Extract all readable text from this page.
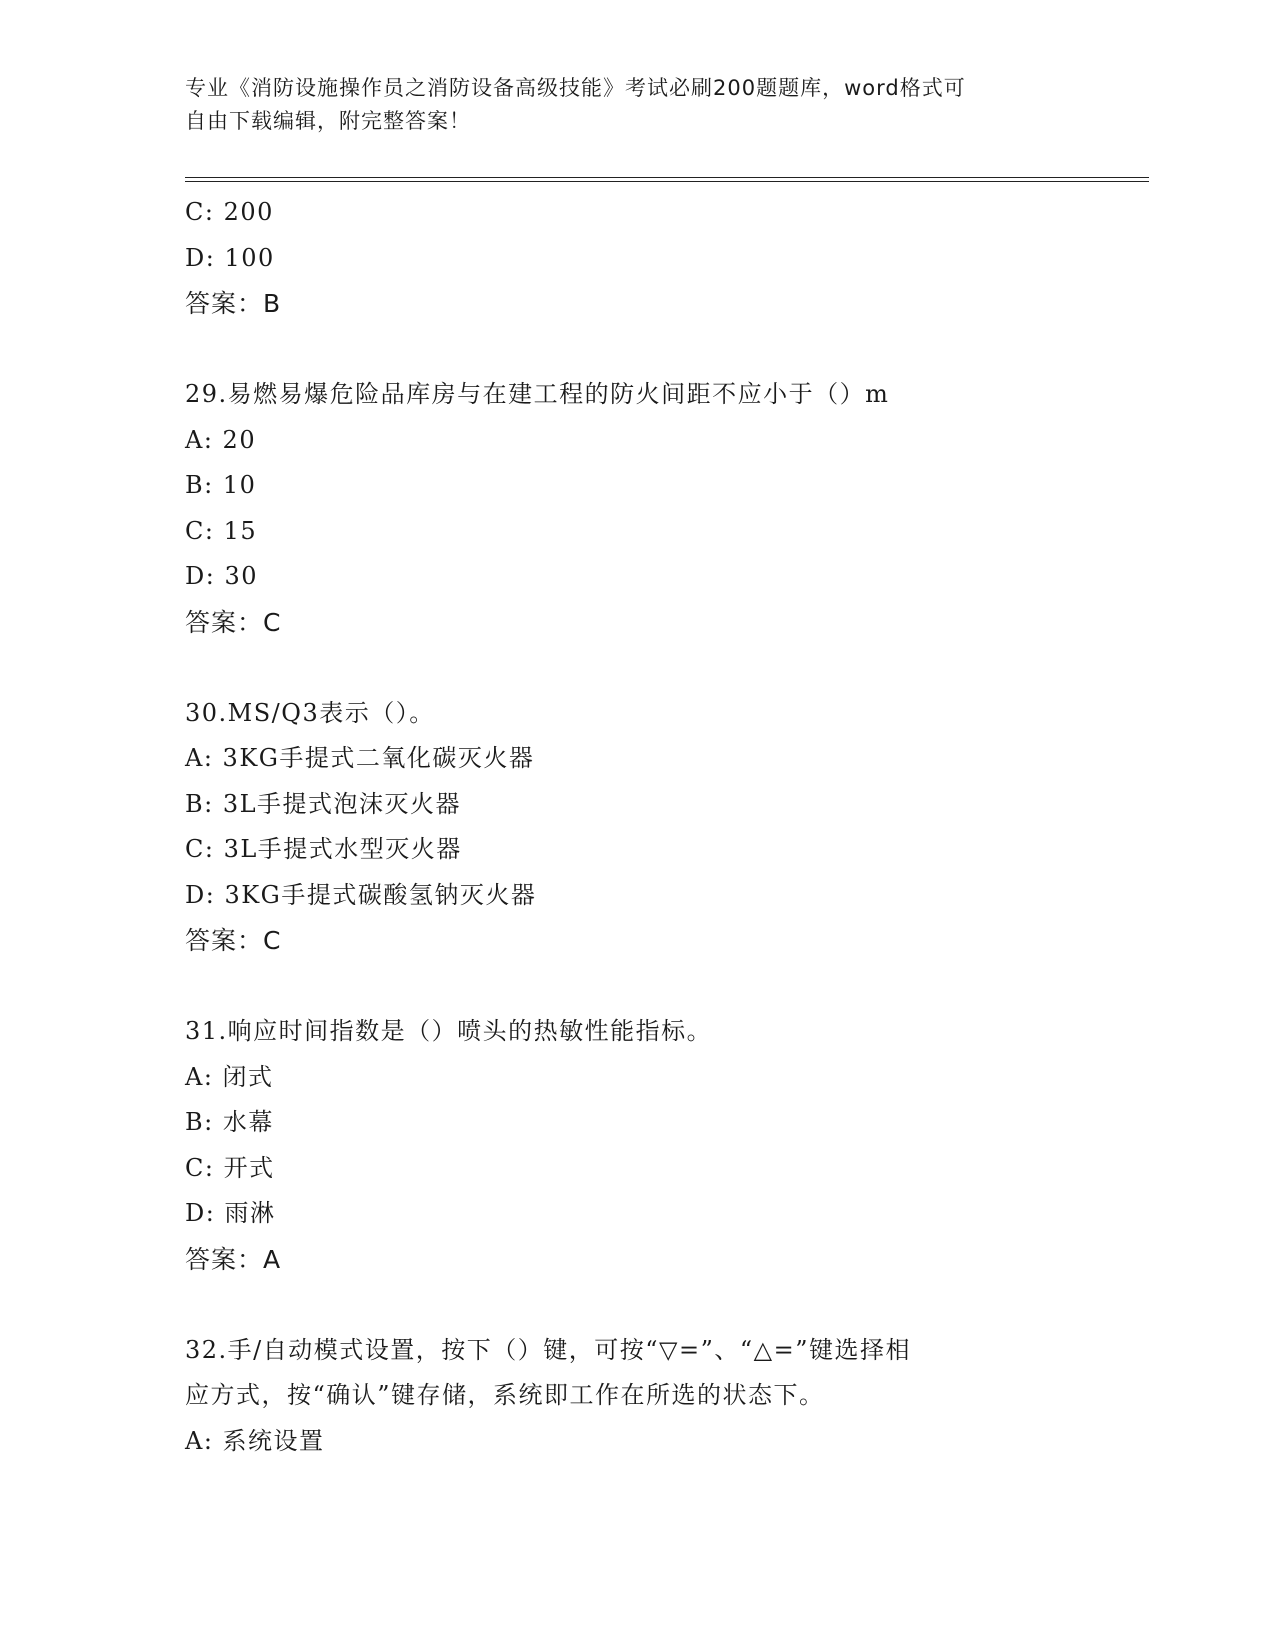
专业《消防设施操作员之消防设备高级技能》考试必刷200题题库，word格式可
自由下载编辑，附完整答案！
C: 200
D: 100
答案：B
29.易燃易爆危险品库房与在建工程的防火间距不应小于（）m
A: 20
B: 10
C: 15
D: 30
答案：C
30.MS/Q3表示（）。
A: 3KG手提式二氧化碳灭火器
B: 3L手提式泡沫灭火器
C: 3L手提式水型灭火器
D: 3KG手提式碳酸氢钠灭火器
答案：C
31.响应时间指数是（）喷头的热敏性能指标。
A: 闭式
B: 水幕
C: 开式
D: 雨淋
答案：A
32.手/自动模式设置，按下（）键，可按“▽=”、“△=”键选择相
应方式，按“确认”键存储，系统即工作在所选的状态下。
A: 系统设置
